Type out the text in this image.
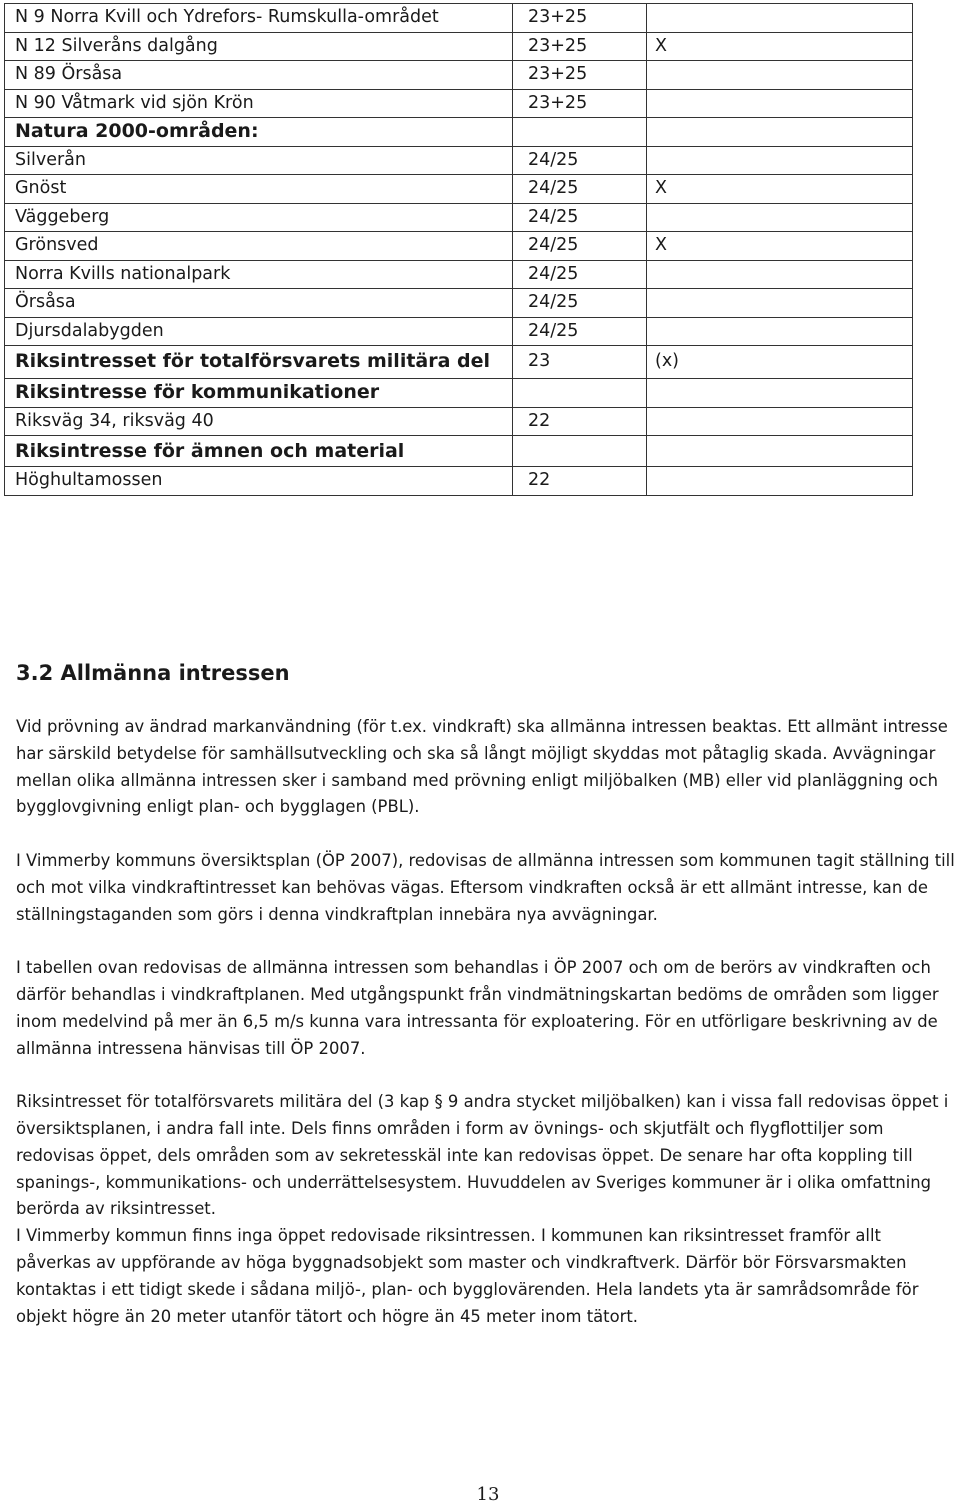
N 9 Norra Kvill och Ydrefors- Rumskulla-området	23+25	
N 12 Silveråns dalgång	23+25	X
N 89 Örsåsa	23+25	
N 90 Våtmark vid sjön Krön	23+25	
Natura 2000-områden:		
Silverån	24/25	
Gnöst	24/25	X
Väggeberg	24/25	
Grönsved	24/25	X
Norra Kvills nationalpark	24/25	
Örsåsa	24/25	
Djursdalabygden	24/25	
Riksintresset för totalförsvarets militära del	23	(x)
Riksintresse för kommunikationer		
Riksväg 34, riksväg 40	22	
Riksintresse för ämnen och material		
Höghultamossen	22	
3.2 Allmänna intressen

Vid prövning av ändrad markanvändning (för t.ex. vindkraft) ska allmänna intressen beaktas. Ett allmänt intresse har särskild betydelse för samhällsutveckling och ska så långt möjligt skyddas mot påtaglig skada. Avvägningar mellan olika allmänna intressen sker i samband med prövning enligt miljöbalken (MB) eller vid planläggning och bygglovgivning enligt plan- och bygglagen (PBL).

I Vimmerby kommuns översiktsplan (ÖP 2007), redovisas de allmänna intressen som kommunen tagit ställning till och mot vilka vindkraftintresset kan behövas vägas. Eftersom vindkraften också är ett allmänt intresse, kan de ställningstaganden som görs i denna vindkraftplan innebära nya avvägningar.

I tabellen ovan redovisas de allmänna intressen som behandlas i ÖP 2007 och om de berörs av vindkraften och därför behandlas i vindkraftplanen. Med utgångspunkt från vindmätningskartan bedöms de områden som ligger inom medelvind på mer än 6,5 m/s kunna vara intressanta för exploatering. För en utförligare beskrivning av de allmänna intressena hänvisas till ÖP 2007.

Riksintresset för totalförsvarets militära del (3 kap § 9 andra stycket miljöbalken) kan i vissa fall redovisas öppet i översiktsplanen, i andra fall inte. Dels finns områden i form av övnings- och skjutfält och flygflottiljer som redovisas öppet, dels områden som av sekretesskäl inte kan redovisas öppet. De senare har ofta koppling till spanings-, kommunikations- och underrättelsesystem. Huvuddelen av Sveriges kommuner är i olika omfattning berörda av riksintresset.

I Vimmerby kommun finns inga öppet redovisade riksintressen. I kommunen kan riksintresset framför allt påverkas av uppförande av höga byggnadsobjekt som master och vindkraftverk. Därför bör Försvarsmakten kontaktas i ett tidigt skede i sådana miljö-, plan- och bygglovärenden. Hela landets yta är samrådsområde för objekt högre än 20 meter utanför tätort och högre än 45 meter inom tätort.

13
